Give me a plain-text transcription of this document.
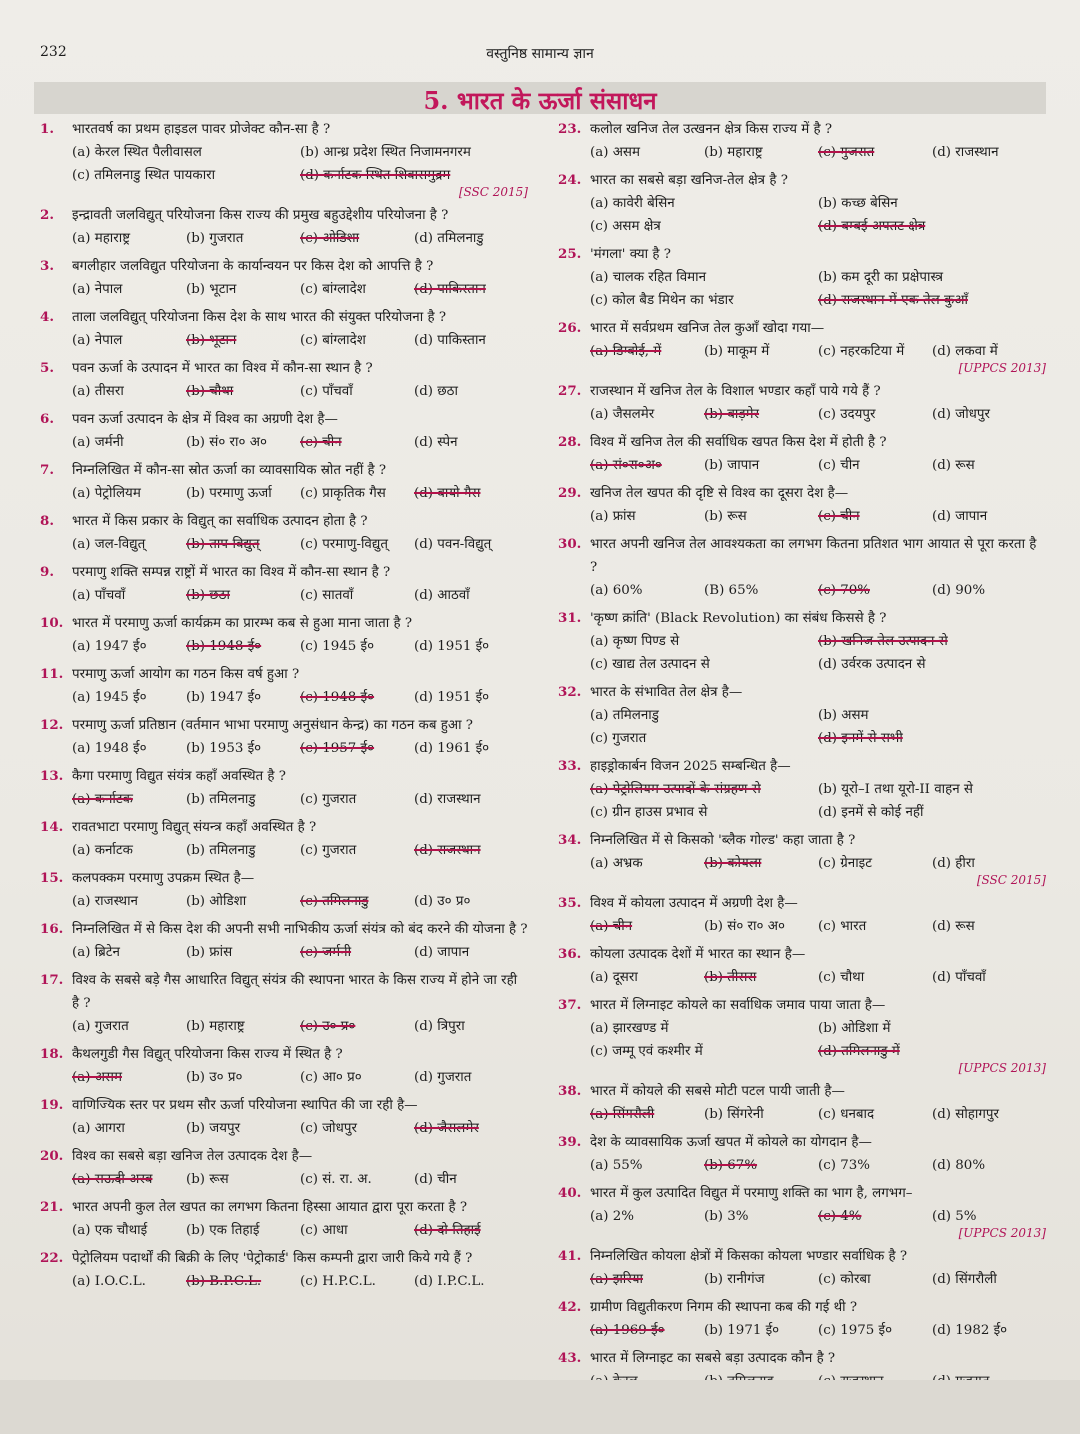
232	वस्तुनिष्ठ सामान्य ज्ञान
5. भारत के ऊर्जा संसाधन
1.	भारतवर्ष का प्रथम हाइडल पावर प्रोजेक्ट कौन-सा है ?
(a) केरल स्थित पैलीवासल	(b) आन्ध्र प्रदेश स्थित निजामनगरम
(c) तमिलनाडु स्थित पायकारा	(d) कर्नाटक स्थित शिवासमुद्रम
[SSC 2015]
2.	इन्द्रावती जलविद्युत् परियोजना किस राज्य की प्रमुख बहुउद्देशीय परियोजना है ?
(a) महाराष्ट्र	(b) गुजरात	(c) ओडिशा	(d) तमिलनाडु
3.	बगलीहार जलविद्युत परियोजना के कार्यान्वयन पर किस देश को आपत्ति है ?
(a) नेपाल	(b) भूटान	(c) बांग्लादेश	(d) पाकिस्तान
4.	ताला जलविद्युत् परियोजना किस देश के साथ भारत की संयुक्त परियोजना है ?
(a) नेपाल	(b) भूटान	(c) बांग्लादेश	(d) पाकिस्तान
5.	पवन ऊर्जा के उत्पादन में भारत का विश्व में कौन-सा स्थान है ?
(a) तीसरा	(b) चौथा	(c) पाँचवाँ	(d) छठा
6.	पवन ऊर्जा उत्पादन के क्षेत्र में विश्व का अग्रणी देश है—
(a) जर्मनी	(b) सं० रा० अ०	(c) चीन	(d) स्पेन
7.	निम्नलिखित में कौन-सा स्रोत ऊर्जा का व्यावसायिक स्रोत नहीं है ?
(a) पेट्रोलियम	(b) परमाणु ऊर्जा	(c) प्राकृतिक गैस	(d) बायो गैस
8.	भारत में किस प्रकार के विद्युत् का सर्वाधिक उत्पादन होता है ?
(a) जल-विद्युत्	(b) ताप-विद्युत्	(c) परमाणु-विद्युत्	(d) पवन-विद्युत्
9.	परमाणु शक्ति सम्पन्न राष्ट्रों में भारत का विश्व में कौन-सा स्थान है ?
(a) पाँचवाँ	(b) छठा	(c) सातवाँ	(d) आठवाँ
10. भारत में परमाणु ऊर्जा कार्यक्रम का प्रारम्भ कब से हुआ माना जाता है ?
(a) 1947 ई०	(b) 1948 ई०	(c) 1945 ई०	(d) 1951 ई०
11. परमाणु ऊर्जा आयोग का गठन किस वर्ष हुआ ?
(a) 1945 ई०	(b) 1947 ई०	(c) 1948 ई०	(d) 1951 ई०
12. परमाणु ऊर्जा प्रतिष्ठान (वर्तमान भाभा परमाणु अनुसंधान केन्द्र) का गठन कब हुआ ?
(a) 1948 ई०	(b) 1953 ई०	(c) 1957 ई०	(d) 1961 ई०
13. कैगा परमाणु विद्युत संयंत्र कहाँ अवस्थित है ?
(a) कर्नाटक	(b) तमिलनाडु	(c) गुजरात	(d) राजस्थान
14. रावतभाटा परमाणु विद्युत् संयन्त्र कहाँ अवस्थित है ?
(a) कर्नाटक	(b) तमिलनाडु	(c) गुजरात	(d) राजस्थान
15. कलपक्कम परमाणु उपक्रम स्थित है—
(a) राजस्थान	(b) ओडिशा	(c) तमिलनाडु	(d) उ० प्र०
16. निम्नलिखित में से किस देश की अपनी सभी नाभिकीय ऊर्जा संयंत्र को बंद करने की योजना है ?
(a) ब्रिटेन	(b) फ्रांस	(c) जर्मनी	(d) जापान
17. विश्व के सबसे बड़े गैस आधारित विद्युत् संयंत्र की स्थापना भारत के किस राज्य में होने जा रही है ?
(a) गुजरात	(b) महाराष्ट्र	(c) उ० प्र०	(d) त्रिपुरा
18. कैथलगुडी गैस विद्युत् परियोजना किस राज्य में स्थित है ?
(a) असम	(b) उ० प्र०	(c) आ० प्र०	(d) गुजरात
19. वाणिज्यिक स्तर पर प्रथम सौर ऊर्जा परियोजना स्थापित की जा रही है—
(a) आगरा	(b) जयपुर	(c) जोधपुर	(d) जैसलमेर
20. विश्व का सबसे बड़ा खनिज तेल उत्पादक देश है—
(a) सऊदी अरब	(b) रूस	(c) सं. रा. अ.	(d) चीन
21. भारत अपनी कुल तेल खपत का लगभग कितना हिस्सा आयात द्वारा पूरा करता है ?
(a) एक चौथाई	(b) एक तिहाई	(c) आधा	(d) दो-तिहाई
22. पेट्रोलियम पदार्थों की बिक्री के लिए 'पेट्रोकार्ड' किस कम्पनी द्वारा जारी किये गये हैं ?
(a) I.O.C.L.	(b) B.P.C.L.	(c) H.P.C.L.	(d) I.P.C.L.
23. कलोल खनिज तेल उत्खनन क्षेत्र किस राज्य में है ?
(a) असम	(b) महाराष्ट्र	(c) गुजरात	(d) राजस्थान
24. भारत का सबसे बड़ा खनिज-तेल क्षेत्र है ?
(a) कावेरी बेसिन	(b) कच्छ बेसिन
(c) असम क्षेत्र	(d) बम्बई अपतट क्षेत्र
25. 'मंगला' क्या है ?
(a) चालक रहित विमान	(b) कम दूरी का प्रक्षेपास्त्र
(c) कोल बैड मिथेन का भंडार	(d) राजस्थान में एक तेल कुआँ
26. भारत में सर्वप्रथम खनिज तेल कुआँ खोदा गया—
(a) डिग्बोई, में	(b) माकूम में	(c) नहरकटिया में	(d) लकवा में
[UPPCS 2013]
27. राजस्थान में खनिज तेल के विशाल भण्डार कहाँ पाये गये हैं ?
(a) जैसलमेर	(b) बाड़मेर	(c) उदयपुर	(d) जोधपुर
28. विश्व में खनिज तेल की सर्वाधिक खपत किस देश में होती है ?
(a) सं०रा०अ०	(b) जापान	(c) चीन	(d) रूस
29. खनिज तेल खपत की दृष्टि से विश्व का दूसरा देश है—
(a) फ्रांस	(b) रूस	(c) चीन	(d) जापान
30. भारत अपनी खनिज तेल आवश्यकता का लगभग कितना प्रतिशत भाग आयात से पूरा करता है ?
(a) 60%	(B) 65%	(c) 70%	(d) 90%
31. 'कृष्ण क्रांति' (Black Revolution) का संबंध किससे है ?
(a) कृष्ण पिण्ड से	(b) खनिज तेल उत्पादन से
(c) खाद्य तेल उत्पादन से	(d) उर्वरक उत्पादन से
32. भारत के संभावित तेल क्षेत्र है—
(a) तमिलनाडु	(b) असम
(c) गुजरात	(d) इनमें से सभी
33. हाइड्रोकार्बन विजन 2025 सम्बन्धित है—
(a) पेट्रोलियम उत्पादों के संग्रहण से	(b) यूरो–I तथा यूरो-II वाहन से
(c) ग्रीन हाउस प्रभाव से	(d) इनमें से कोई नहीं
34. निम्नलिखित में से किसको 'ब्लैक गोल्ड' कहा जाता है ?
(a) अभ्रक	(b) कोयला	(c) ग्रेनाइट	(d) हीरा
[SSC 2015]
35. विश्व में कोयला उत्पादन में अग्रणी देश है—
(a) चीन	(b) सं० रा० अ०	(c) भारत	(d) रूस
36. कोयला उत्पादक देशों में भारत का स्थान है—
(a) दूसरा	(b) तीसरा	(c) चौथा	(d) पाँचवाँ
37. भारत में लिग्नाइट कोयले का सर्वाधिक जमाव पाया जाता है—
(a) झारखण्ड में	(b) ओडिशा में
(c) जम्मू एवं कश्मीर में	(d) तमिलनाडु में
[UPPCS 2013]
38. भारत में कोयले की सबसे मोटी पटल पायी जाती है—
(a) सिंगरौली	(b) सिंगरेनी	(c) धनबाद	(d) सोहागपुर
39. देश के व्यावसायिक ऊर्जा खपत में कोयले का योगदान है—
(a) 55%	(b) 67%	(c) 73%	(d) 80%
40. भारत में कुल उत्पादित विद्युत में परमाणु शक्ति का भाग है, लगभग–
(a) 2%	(b) 3%	(c) 4%	(d) 5%
[UPPCS 2013]
41. निम्नलिखित कोयला क्षेत्रों में किसका कोयला भण्डार सर्वाधिक है ?
(a) झरिया	(b) रानीगंज	(c) कोरबा	(d) सिंगरौली
42. ग्रामीण विद्युतीकरण निगम की स्थापना कब की गई थी ?
(a) 1969 ई०	(b) 1971 ई०	(c) 1975 ई०	(d) 1982 ई०
43. भारत में लिग्नाइट का सबसे बड़ा उत्पादक कौन है ?
